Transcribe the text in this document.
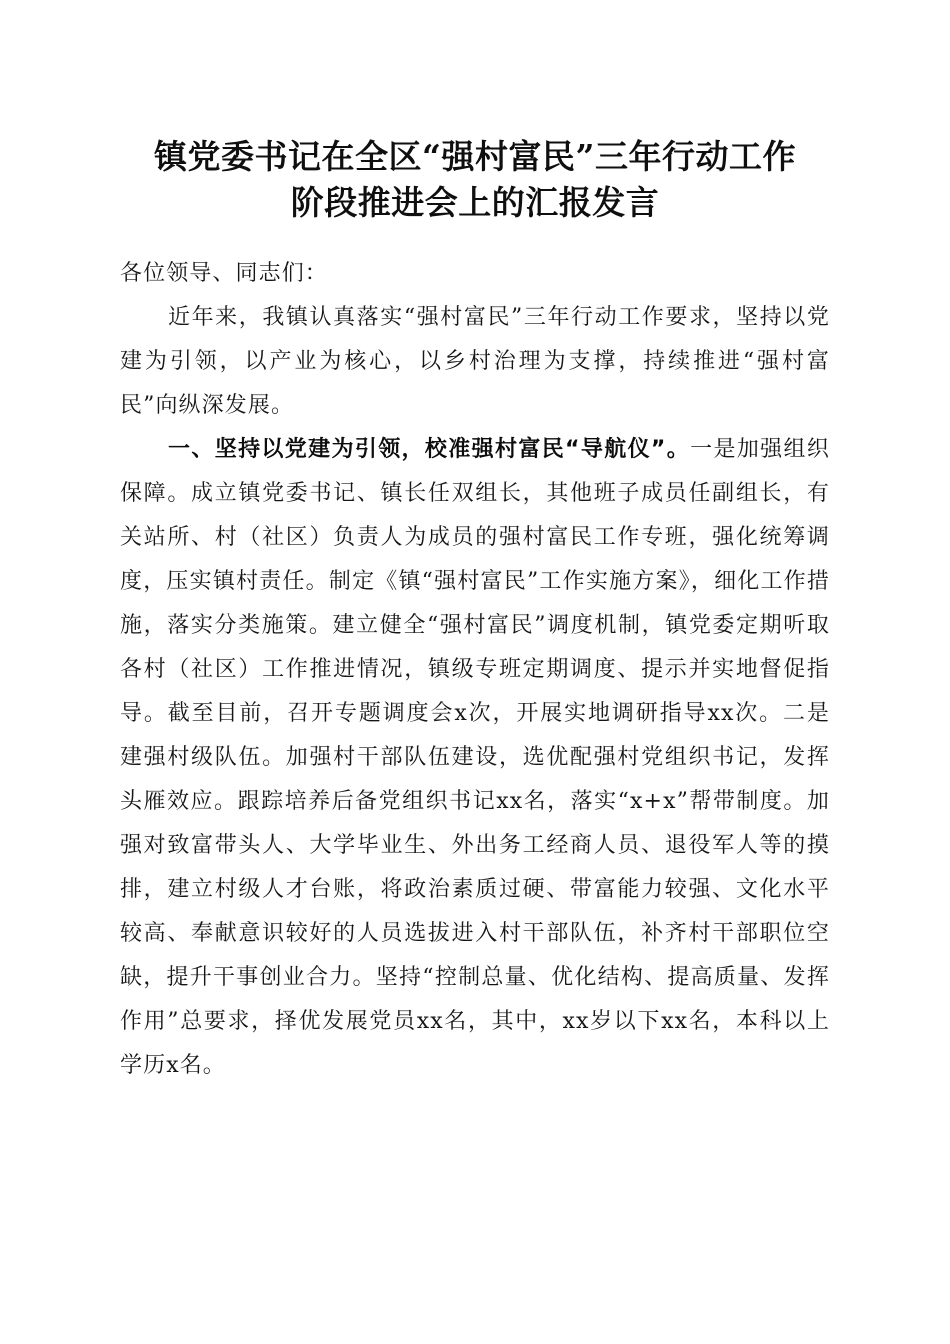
镇党委书记在全区“强村富民”三年行动工作
阶段推进会上的汇报发言

各位领导、同志们：

近年来，我镇认真落实“强村富民”三年行动工作要求，坚持以党建为引领，以产业为核心，以乡村治理为支撑，持续推进“强村富民”向纵深发展。

一、坚持以党建为引领，校准强村富民“导航仪”。一是加强组织保障。成立镇党委书记、镇长任双组长，其他班子成员任副组长，有关站所、村（社区）负责人为成员的强村富民工作专班，强化统筹调度，压实镇村责任。制定《镇“强村富民”工作实施方案》，细化工作措施，落实分类施策。建立健全“强村富民”调度机制，镇党委定期听取各村（社区）工作推进情况，镇级专班定期调度、提示并实地督促指导。截至目前，召开专题调度会x次，开展实地调研指导xx次。二是建强村级队伍。加强村干部队伍建设，选优配强村党组织书记，发挥头雁效应。跟踪培养后备党组织书记xx名，落实“x+x”帮带制度。加强对致富带头人、大学毕业生、外出务工经商人员、退役军人等的摸排，建立村级人才台账，将政治素质过硬、带富能力较强、文化水平较高、奉献意识较好的人员选拔进入村干部队伍，补齐村干部职位空缺，提升干事创业合力。坚持“控制总量、优化结构、提高质量、发挥作用”总要求，择优发展党员xx名，其中，xx岁以下xx名，本科以上学历x名。
